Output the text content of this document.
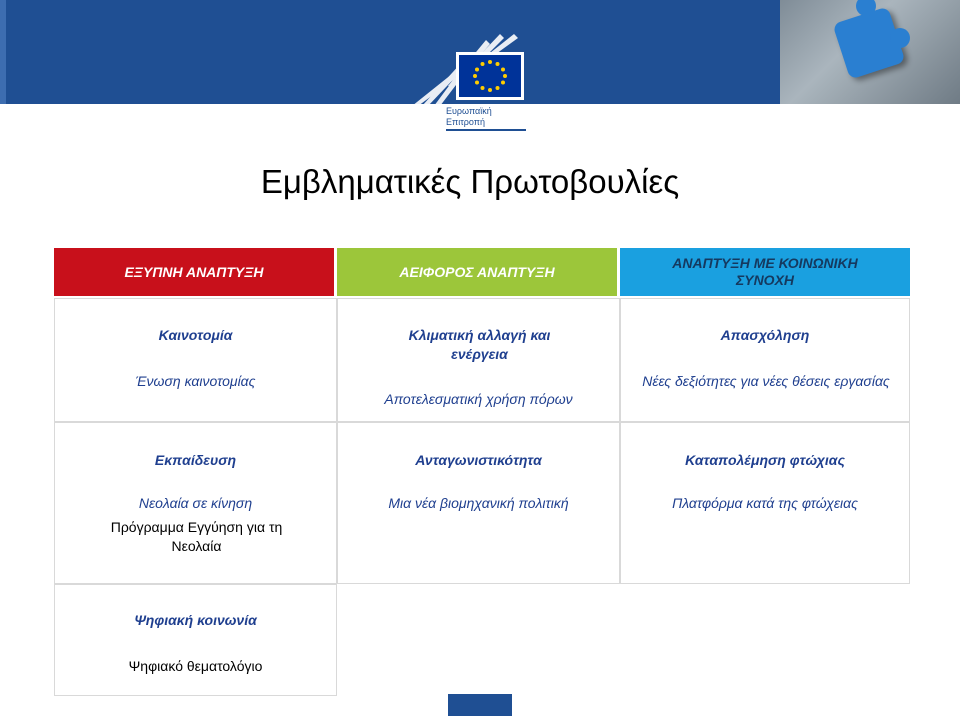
Ευρωπαϊκή
Επιτροπή
Εμβληματικές Πρωτοβουλίες
ΕΞΥΠΝΗ ΑΝΑΠΤΥΞΗ	ΑΕΙΦΟΡΟΣ ΑΝΑΠΤΥΞΗ
ΑΝΑΠΤΥΞΗ ΜΕ ΚΟΙΝΩΝΙΚΗ ΣΥΝΟΧΗ
Καινοτομία
Ένωση καινοτομίας
Κλιματική αλλαγή και ενέργεια
Αποτελεσματική χρήση πόρων
Απασχόληση
Νέες δεξιότητες για νέες θέσεις εργασίας
Εκπαίδευση
Νεολαία σε κίνηση
Πρόγραμμα Εγγύηση για τη Νεολαία
Ανταγωνιστικότητα
Μια νέα βιομηχανική πολιτική
Καταπολέμηση φτώχιας
Πλατφόρμα κατά της φτώχειας
Ψηφιακή κοινωνία
Ψηφιακό θεματολόγιο
